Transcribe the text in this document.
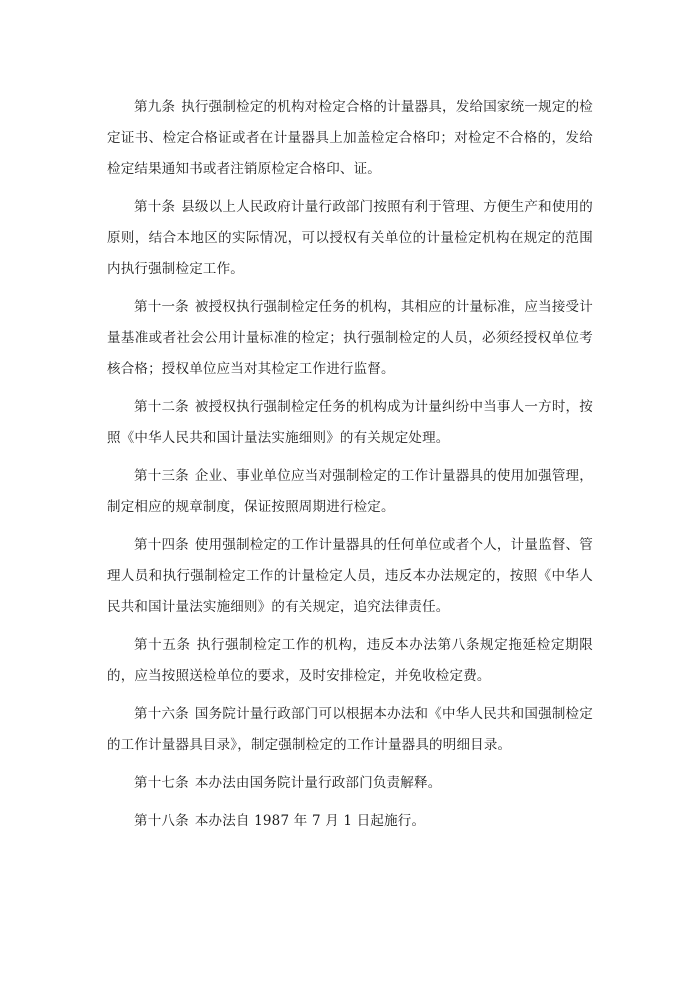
第九条 执行强制检定的机构对检定合格的计量器具，发给国家统一规定的检定证书、检定合格证或者在计量器具上加盖检定合格印；对检定不合格的，发给检定结果通知书或者注销原检定合格印、证。

第十条 县级以上人民政府计量行政部门按照有利于管理、方便生产和使用的原则，结合本地区的实际情况，可以授权有关单位的计量检定机构在规定的范围内执行强制检定工作。

第十一条 被授权执行强制检定任务的机构，其相应的计量标准，应当接受计量基准或者社会公用计量标准的检定；执行强制检定的人员，必须经授权单位考核合格；授权单位应当对其检定工作进行监督。

第十二条 被授权执行强制检定任务的机构成为计量纠纷中当事人一方时，按照《中华人民共和国计量法实施细则》的有关规定处理。

第十三条 企业、事业单位应当对强制检定的工作计量器具的使用加强管理，制定相应的规章制度，保证按照周期进行检定。

第十四条 使用强制检定的工作计量器具的任何单位或者个人，计量监督、管理人员和执行强制检定工作的计量检定人员，违反本办法规定的，按照《中华人民共和国计量法实施细则》的有关规定，追究法律责任。

第十五条 执行强制检定工作的机构，违反本办法第八条规定拖延检定期限的，应当按照送检单位的要求，及时安排检定，并免收检定费。

第十六条 国务院计量行政部门可以根据本办法和《中华人民共和国强制检定的工作计量器具目录》，制定强制检定的工作计量器具的明细目录。

第十七条 本办法由国务院计量行政部门负责解释。

第十八条 本办法自 1987 年 7 月 1 日起施行。
